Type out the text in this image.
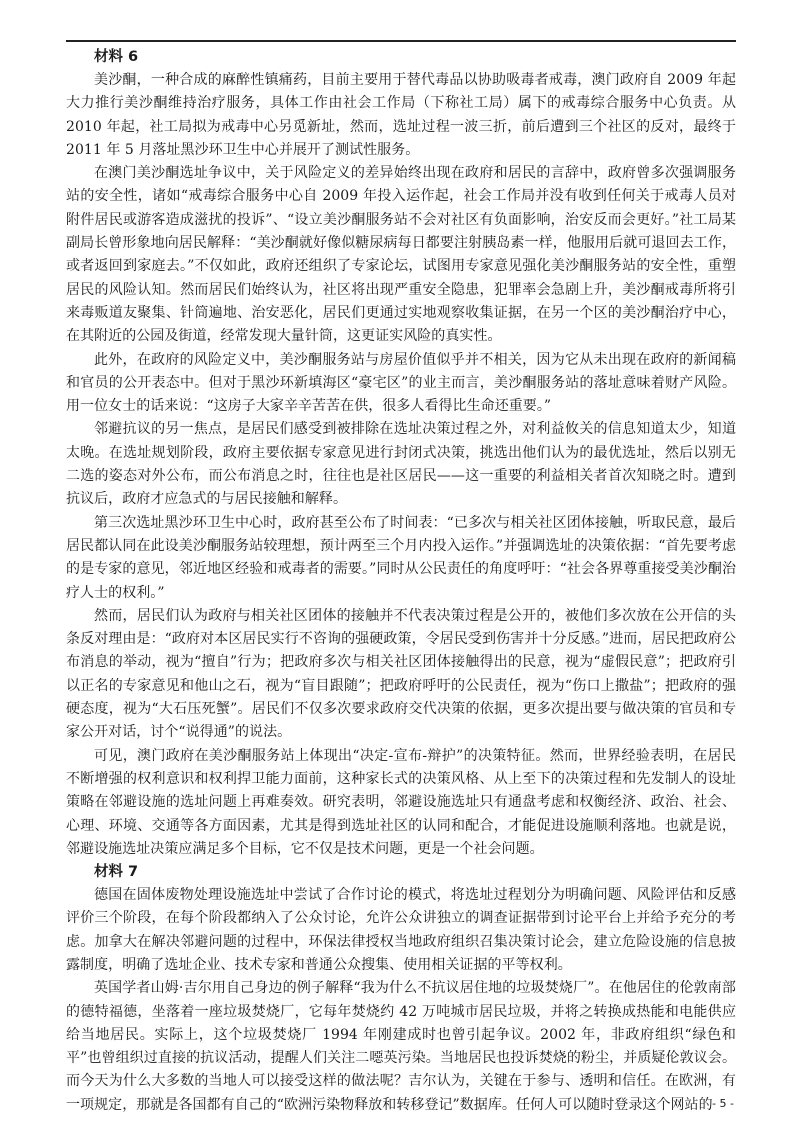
材料 6

美沙酮，一种合成的麻醉性镇痛药，目前主要用于替代毒品以协助吸毒者戒毒，澳门政府自 2009 年起大力推行美沙酮维持治疗服务，具体工作由社会工作局（下称社工局）属下的戒毒综合服务中心负责。从 2010 年起，社工局拟为戒毒中心另觅新址，然而，选址过程一波三折，前后遭到三个社区的反对，最终于 2011 年 5 月落址黑沙环卫生中心并展开了测试性服务。

在澳门美沙酮选址争议中，关于风险定义的差异始终出现在政府和居民的言辞中，政府曾多次强调服务站的安全性，诸如“戒毒综合服务中心自 2009 年投入运作起，社会工作局并没有收到任何关于戒毒人员对附件居民或游客造成滋扰的投诉”、“设立美沙酮服务站不会对社区有负面影响，治安反而会更好。”社工局某副局长曾形象地向居民解释：“美沙酮就好像似糖尿病每日都要注射胰岛素一样，他服用后就可退回去工作，或者返回到家庭去。”不仅如此，政府还组织了专家论坛，试图用专家意见强化美沙酮服务站的安全性，重塑居民的风险认知。然而居民们始终认为，社区将出现严重安全隐患，犯罪率会急剧上升，美沙酮戒毒所将引来毒贩道友聚集、针筒遍地、治安恶化，居民们更通过实地观察收集证据，在另一个区的美沙酮治疗中心，在其附近的公园及街道，经常发现大量针筒，这更证实风险的真实性。

此外，在政府的风险定义中，美沙酮服务站与房屋价值似乎并不相关，因为它从未出现在政府的新闻稿和官员的公开表态中。但对于黑沙环新填海区“豪宅区”的业主而言，美沙酮服务站的落址意味着财产风险。用一位女士的话来说：“这房子大家辛辛苦苦在供，很多人看得比生命还重要。”

邻避抗议的另一焦点，是居民们感受到被排除在选址决策过程之外，对利益攸关的信息知道太少，知道太晚。在选址规划阶段，政府主要依据专家意见进行封闭式决策，挑选出他们认为的最优选址，然后以别无二选的姿态对外公布，而公布消息之时，往往也是社区居民——这一重要的利益相关者首次知晓之时。遭到抗议后，政府才应急式的与居民接触和解释。

第三次选址黑沙环卫生中心时，政府甚至公布了时间表：“已多次与相关社区团体接触，听取民意，最后居民都认同在此设美沙酮服务站较理想，预计两至三个月内投入运作。”并强调选址的决策依据：“首先要考虑的是专家的意见，邻近地区经验和戒毒者的需要。”同时从公民责任的角度呼吁：“社会各界尊重接受美沙酮治疗人士的权利。”

然而，居民们认为政府与相关社区团体的接触并不代表决策过程是公开的，被他们多次放在公开信的头条反对理由是：“政府对本区居民实行不咨询的强硬政策，令居民受到伤害并十分反感。”进而，居民把政府公布消息的举动，视为“擅自”行为；把政府多次与相关社区团体接触得出的民意，视为“虚假民意”；把政府引以正名的专家意见和他山之石，视为“盲目跟随”；把政府呼吁的公民责任，视为“伤口上撒盐”；把政府的强硬态度，视为“大石压死蟹”。居民们不仅多次要求政府交代决策的依据，更多次提出要与做决策的官员和专家公开对话，讨个“说得通”的说法。

可见，澳门政府在美沙酮服务站上体现出“决定-宣布-辩护”的决策特征。然而，世界经验表明，在居民不断增强的权利意识和权利捍卫能力面前，这种家长式的决策风格、从上至下的决策过程和先发制人的设址策略在邻避设施的选址问题上再难奏效。研究表明，邻避设施选址只有通盘考虑和权衡经济、政治、社会、心理、环境、交通等各方面因素，尤其是得到选址社区的认同和配合，才能促进设施顺利落地。也就是说，邻避设施选址决策应满足多个目标，它不仅是技术问题，更是一个社会问题。

材料 7

德国在固体废物处理设施选址中尝试了合作讨论的模式，将选址过程划分为明确问题、风险评估和反感评价三个阶段，在每个阶段都纳入了公众讨论，允许公众讲独立的调查证据带到讨论平台上并给予充分的考虑。加拿大在解决邻避问题的过程中，环保法律授权当地政府组织召集决策讨论会，建立危险设施的信息披露制度，明确了选址企业、技术专家和普通公众搜集、使用相关证据的平等权利。

英国学者山姆·吉尔用自己身边的例子解释“我为什么不抗议居住地的垃圾焚烧厂”。在他居住的伦敦南部的德特福德，坐落着一座垃圾焚烧厂，它每年焚烧约 42 万吨城市居民垃圾，并将之转换成热能和电能供应给当地居民。实际上，这个垃圾焚烧厂 1994 年刚建成时也曾引起争议。2002 年，非政府组织“绿色和平”也曾组织过直接的抗议活动，提醒人们关注二噁英污染。当地居民也投诉焚烧的粉尘，并质疑伦敦议会。而今天为什么大多数的当地人可以接受这样的做法呢？吉尔认为，关键在于参与、透明和信任。在欧洲，有一项规定，那就是各国都有自己的“欧洲污染物释放和转移登记”数据库。任何人可以随时登录这个网站的 - 5 -
